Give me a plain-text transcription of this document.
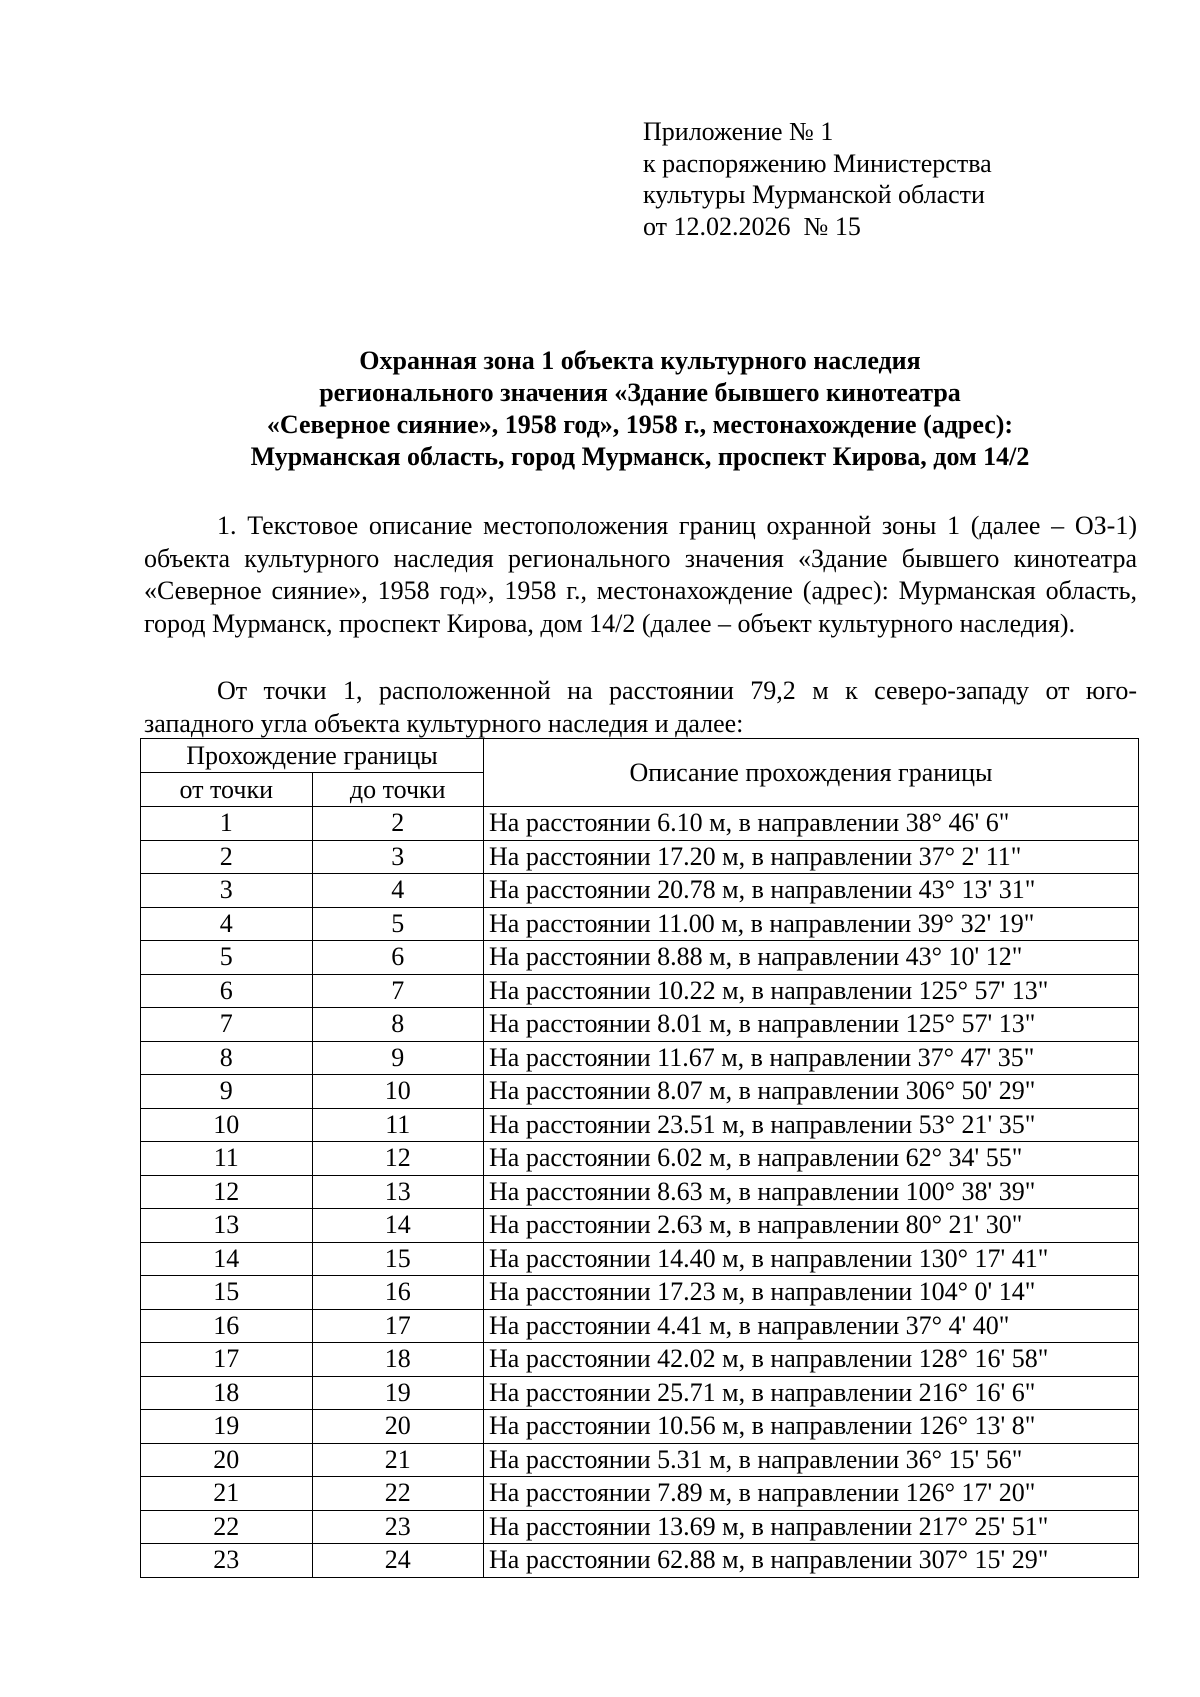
Приложение № 1
к распоряжению Министерства
культуры Мурманской области
от 12.02.2026  № 15
Охранная зона 1 объекта культурного наследия
регионального значения «Здание бывшего кинотеатра
«Северное сияние», 1958 год», 1958 г., местонахождение (адрес):
Мурманская область, город Мурманск, проспект Кирова, дом 14/2

1. Текстовое описание местоположения границ охранной зоны 1 (далее – ОЗ-1) объекта культурного наследия регионального значения «Здание бывшего кинотеатра «Северное сияние», 1958 год», 1958 г., местонахождение (адрес): Мурманская область, город Мурманск, проспект Кирова, дом 14/2 (далее – объект культурного наследия).

От точки 1, расположенной на расстоянии 79,2 м к северо-западу от юго-западного угла объекта культурного наследия и далее:

Прохождение границы		Описание прохождения границы
от точки	до точки	
1	2	На расстоянии 6.10 м, в направлении 38° 46' 6"
2	3	На расстоянии 17.20 м, в направлении 37° 2' 11"
3	4	На расстоянии 20.78 м, в направлении 43° 13' 31"
4	5	На расстоянии 11.00 м, в направлении 39° 32' 19"
5	6	На расстоянии 8.88 м, в направлении 43° 10' 12"
6	7	На расстоянии 10.22 м, в направлении 125° 57' 13"
7	8	На расстоянии 8.01 м, в направлении 125° 57' 13"
8	9	На расстоянии 11.67 м, в направлении 37° 47' 35"
9	10	На расстоянии 8.07 м, в направлении 306° 50' 29"
10	11	На расстоянии 23.51 м, в направлении 53° 21' 35"
11	12	На расстоянии 6.02 м, в направлении 62° 34' 55"
12	13	На расстоянии 8.63 м, в направлении 100° 38' 39"
13	14	На расстоянии 2.63 м, в направлении 80° 21' 30"
14	15	На расстоянии 14.40 м, в направлении 130° 17' 41"
15	16	На расстоянии 17.23 м, в направлении 104° 0' 14"
16	17	На расстоянии 4.41 м, в направлении 37° 4' 40"
17	18	На расстоянии 42.02 м, в направлении 128° 16' 58"
18	19	На расстоянии 25.71 м, в направлении 216° 16' 6"
19	20	На расстоянии 10.56 м, в направлении 126° 13' 8"
20	21	На расстоянии 5.31 м, в направлении 36° 15' 56"
21	22	На расстоянии 7.89 м, в направлении 126° 17' 20"
22	23	На расстоянии 13.69 м, в направлении 217° 25' 51"
23	24	На расстоянии 62.88 м, в направлении 307° 15' 29"
